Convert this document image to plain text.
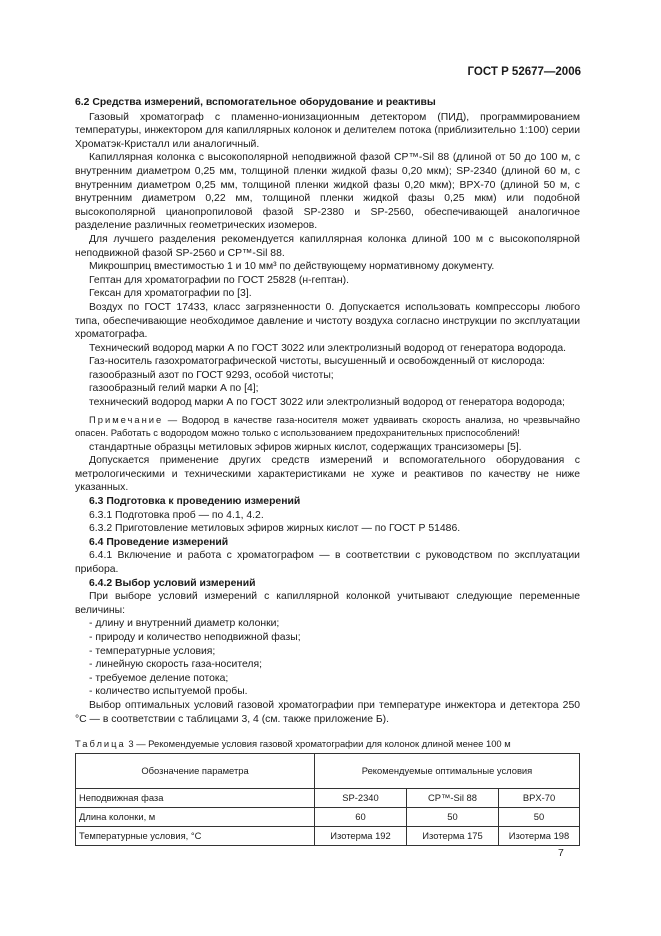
ГОСТ Р 52677—2006

6.2 Средства измерений, вспомогательное оборудование и реактивы

Газовый хроматограф с пламенно-ионизационным детектором (ПИД), программированием температуры, инжектором для капиллярных колонок и делителем потока (приблизительно 1:100) серии Хроматэк-Кристалл или аналогичный.

Капиллярная колонка с высокополярной неподвижной фазой CP™-Sil 88 (длиной от 50 до 100 м, с внутренним диаметром 0,25 мм, толщиной пленки жидкой фазы 0,20 мкм); SP-2340 (длиной 60 м, с внутренним диаметром 0,25 мм, толщиной пленки жидкой фазы 0,20 мкм); BPX-70 (длиной 50 м, с внутренним диаметром 0,22 мм, толщиной пленки жидкой фазы 0,25 мкм) или подобной высокополярной цианопропиловой фазой SP-2380 и SP-2560, обеспечивающей аналогичное разделение различных геометрических изомеров.

Для лучшего разделения рекомендуется капиллярная колонка длиной 100 м с высокополярной неподвижной фазой SP-2560 и CP™-Sil 88.

Микрошприц вместимостью 1 и 10 мм³ по действующему нормативному документу.

Гептан для хроматографии по ГОСТ 25828 (н-гептан).

Гексан для хроматографии по [3].

Воздух по ГОСТ 17433, класс загрязненности 0. Допускается использовать компрессоры любого типа, обеспечивающие необходимое давление и чистоту воздуха согласно инструкции по эксплуатации хроматографа.

Технический водород марки А по ГОСТ 3022 или электролизный водород от генератора водорода.

Газ-носитель газохроматографической чистоты, высушенный и освобожденный от кислорода:

газообразный азот по ГОСТ 9293, особой чистоты;

газообразный гелий марки А по [4];

технический водород марки А по ГОСТ 3022 или электролизный водород от генератора водорода;

Примечание — Водород в качестве газа-носителя может удваивать скорость анализа, но чрезвычайно опасен. Работать с водородом можно только с использованием предохранительных приспособлений!

стандартные образцы метиловых эфиров жирных кислот, содержащих трансизомеры [5].

Допускается применение других средств измерений и вспомогательного оборудования с метрологическими и техническими характеристиками не хуже и реактивов по качеству не ниже указанных.

6.3 Подготовка к проведению измерений

6.3.1 Подготовка проб — по 4.1, 4.2.

6.3.2 Приготовление метиловых эфиров жирных кислот — по ГОСТ Р 51486.

6.4 Проведение измерений

6.4.1 Включение и работа с хроматографом — в соответствии с руководством по эксплуатации прибора.

6.4.2 Выбор условий измерений

При выборе условий измерений с капиллярной колонкой учитывают следующие переменные величины:

- длину и внутренний диаметр колонки;
- природу и количество неподвижной фазы;
- температурные условия;
- линейную скорость газа-носителя;
- требуемое деление потока;
- количество испытуемой пробы.

Выбор оптимальных условий газовой хроматографии при температуре инжектора и детектора 250 °С — в соответствии с таблицами 3, 4 (см. также приложение Б).

Таблица 3 — Рекомендуемые условия газовой хроматографии для колонок длиной менее 100 м
Обозначение параметра	Рекомендуемые оптимальные условия		
Неподвижная фаза	SP-2340	CP™-Sil 88	BPX-70
Длина колонки, м	60	50	50
Температурные условия, °С	Изотерма 192	Изотерма 175	Изотерма 198
7
